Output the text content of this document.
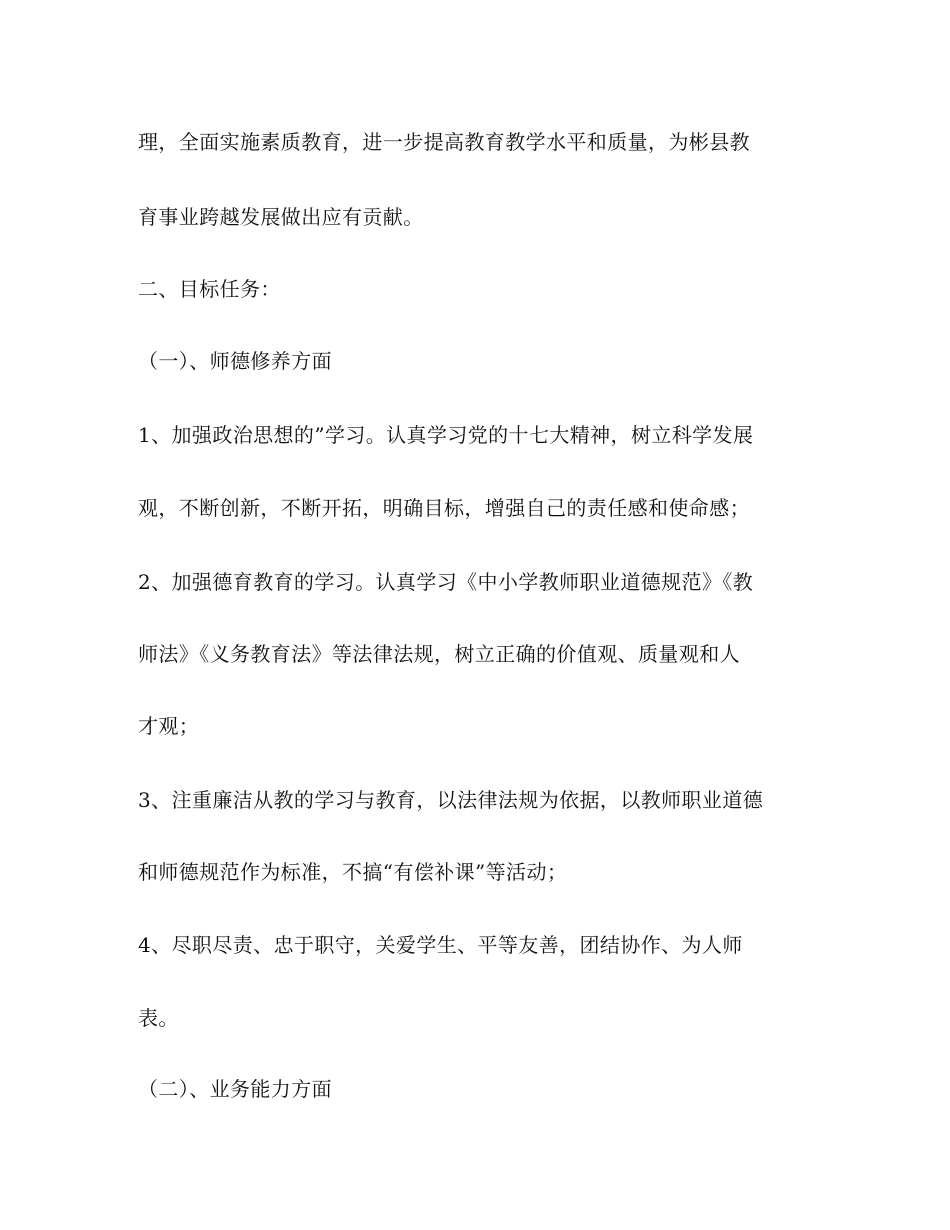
理，全面实施素质教育，进一步提高教育教学水平和质量，为彬县教

育事业跨越发展做出应有贡献。

二、目标任务：

（一）、师德修养方面

1、加强政治思想的”学习。认真学习党的十七大精神，树立科学发展

观，不断创新，不断开拓，明确目标，增强自己的责任感和使命感；

2、加强德育教育的学习。认真学习《中小学教师职业道德规范》《教

师法》《义务教育法》等法律法规，树立正确的价值观、质量观和人

才观；

3、注重廉洁从教的学习与教育，以法律法规为依据，以教师职业道德

和师德规范作为标准，不搞“有偿补课”等活动；

4、尽职尽责、忠于职守，关爱学生、平等友善，团结协作、为人师

表。

（二）、业务能力方面
